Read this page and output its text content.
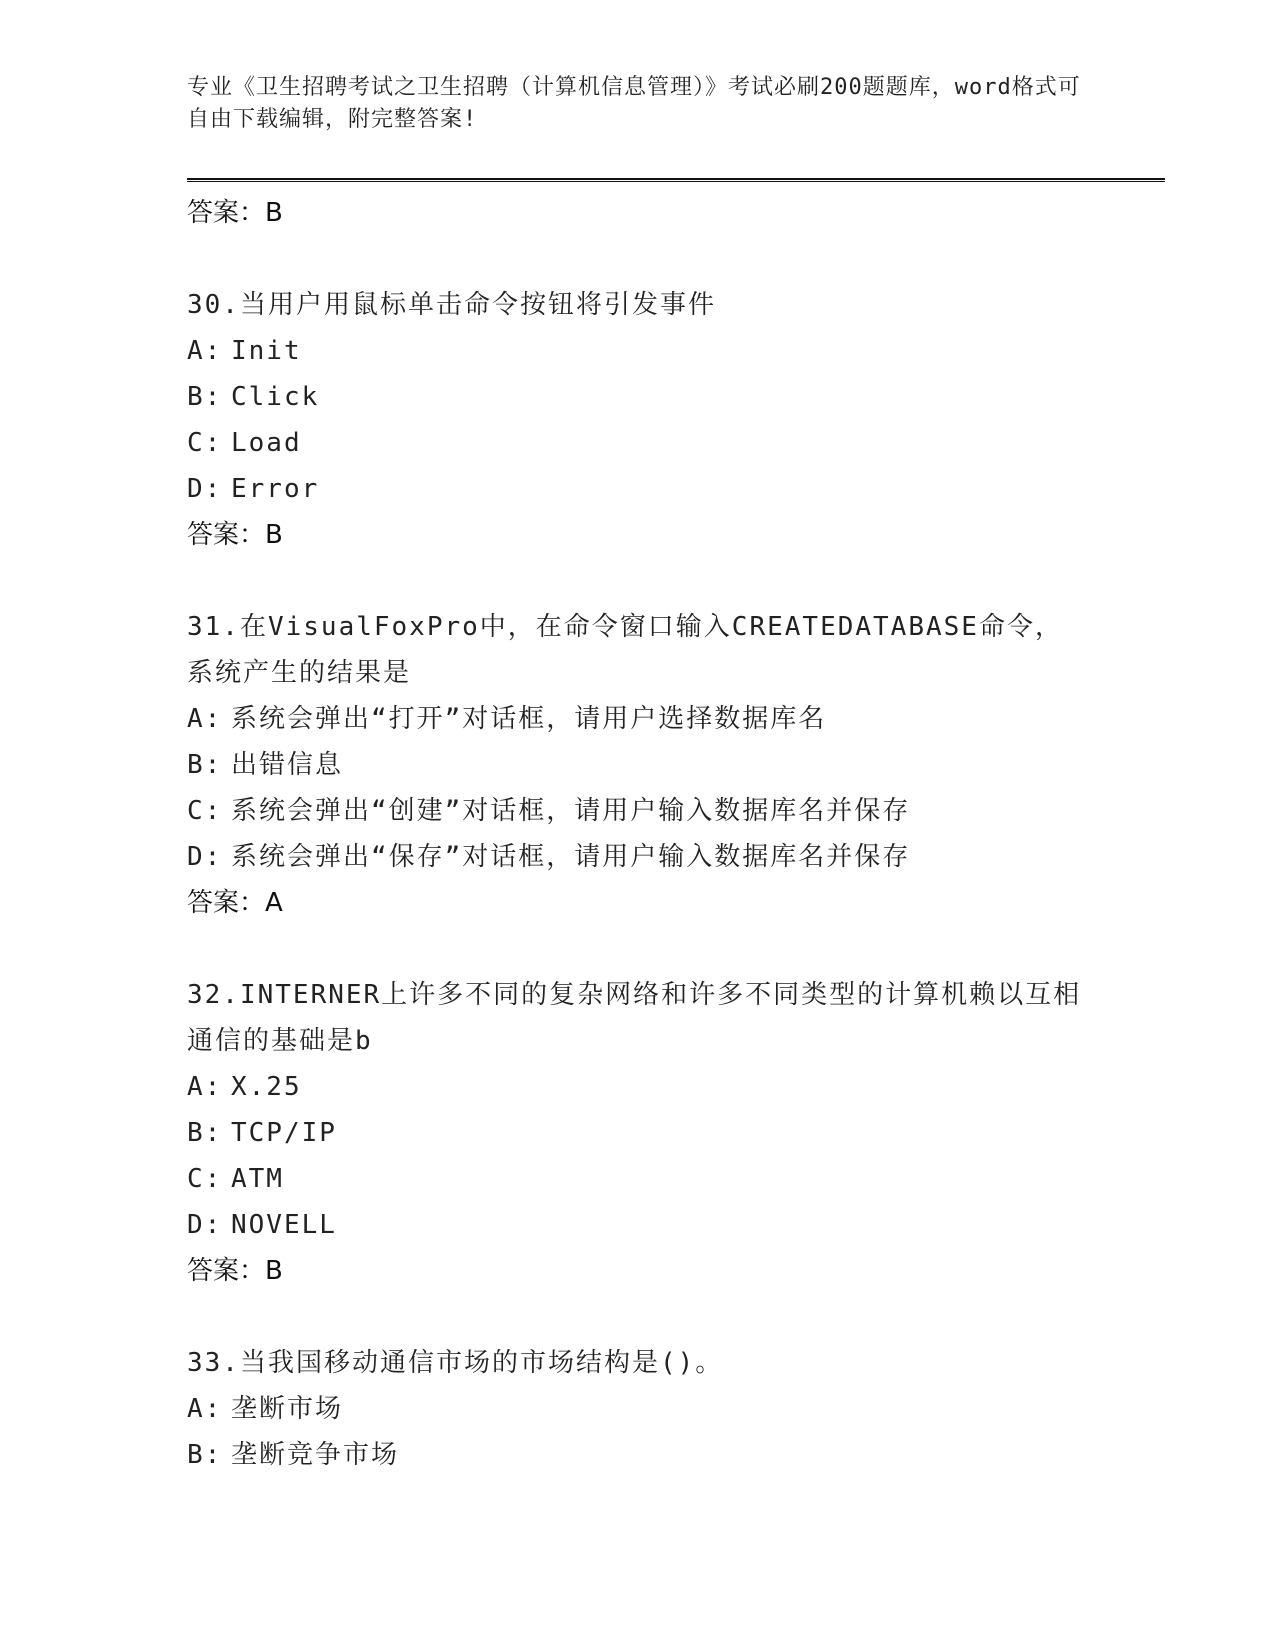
专业《卫生招聘考试之卫生招聘（计算机信息管理）》考试必刷200题题库，word格式可自由下载编辑，附完整答案!
答案：B
30.当用户用鼠标单击命令按钮将引发事件
A: Init
B: Click
C: Load
D: Error
答案：B
31.在VisualFoxPro中，在命令窗口输入CREATEDATABASE命令，系统产生的结果是
A: 系统会弹出“打开”对话框，请用户选择数据库名
B: 出错信息
C: 系统会弹出“创建”对话框，请用户输入数据库名并保存
D: 系统会弹出“保存”对话框，请用户输入数据库名并保存
答案：A
32.INTERNER上许多不同的复杂网络和许多不同类型的计算机赖以互相通信的基础是b
A: X.25
B: TCP/IP
C: ATM
D: NOVELL
答案：B
33.当我国移动通信市场的市场结构是()。
A: 垄断市场
B: 垄断竞争市场
